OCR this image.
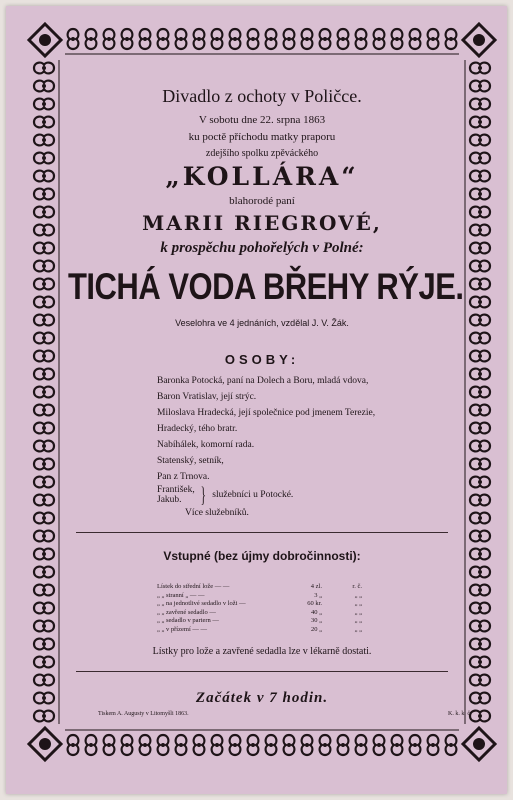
Divadlo z ochoty v Poličce.
V sobotu dne 22. srpna 1863
ku poctě příchodu matky praporu
zdejšího spolku zpěváckého
„KOLLÁRA“
blahorodé paní
MARII RIEGROVÉ,
k prospěchu pohořelých v Polné:
TICHÁ VODA BŘEHY RÝJE.
Veselohra ve 4 jednáních, vzdělal J. V. Žák.
OSOBY:
Baronka Potocká, paní na Dolech a Boru, mladá vdova,
Baron Vratislav, její strýc.
Miloslava Hradecká, její společnice pod jmenem Terezie,
Hradecký, tého bratr.
Nabíhálek, komorní rada.
Statenský, setník,
Pan z Trnova.
František,
Jakub. } služebníci u Potocké.
Více služebníků.
Vstupné (bez újmy dobročinnosti):
Lístek do střední lože — —	4 zl.	r. č.
„ „ stranní „ — —	3 „	„ „
„ „ na jednotlivé sedadlo v loži —	60 kr.	„ „
„ „ zavřené sedadlo —	40 „	„ „
„ „ sedadlo v partern —	30 „	„ „
„ „ v přízemí — —	20 „	„ „
Lístky pro lože a zavřené sedadla lze v lékarně dostati.
Začátek v 7 hodin.
Tiskem A. Augusty v Litomyšli 1863.	K. k. k. č.
